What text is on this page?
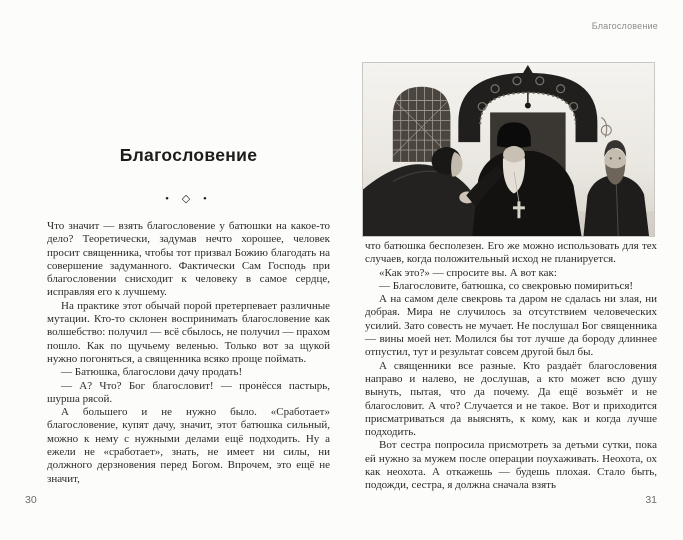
Благословение
• ◇ •

Что значит — взять благословение у батюшки на какое-то дело? Теоретически, задумав нечто хорошее, человек просит священника, чтобы тот призвал Божию благодать на совершение задуманного. Фактически Сам Господь при благословении снисходит к человеку в самое сердце, исправляя его к лучшему.

На практике этот обычай порой претерпевает различные мутации. Кто-то склонен воспринимать благословение как волшебство: получил — всё сбылось, не получил — прахом пошло. Как по щучьему веленью. Только вот за щукой нужно погоняться, а священника всяко проще поймать.

— Батюшка, благослови дачу продать!

— А? Что? Бог благословит! — пронёсся пастырь, шурша рясой.

А большего и не нужно было. «Сработает» благословение, купят дачу, значит, этот батюшка сильный, можно к нему с нужными делами ещё подходить. Ну а ежели не «сработает», знать, не имеет ни силы, ни должного дерзновения перед Богом. Впрочем, это ещё не значит,

30
Благословение

что батюшка бесполезен. Его же можно использовать для тех случаев, когда положительный исход не планируется.

«Как это?» — спросите вы. А вот как:

— Благословите, батюшка, со свекровью помириться!

А на самом деле свекровь та даром не сдалась ни злая, ни добрая. Мира не случилось за отсутствием человеческих усилий. Зато совесть не мучает. Не послушал Бог священника — вины моей нет. Молился бы тот лучше да бороду длиннее отпустил, тут и результат совсем другой был бы.

А священники все разные. Кто раздаёт благословения направо и налево, не дослушав, а кто может всю душу вынуть, пытая, что да почему. Да ещё возьмёт и не благословит. А что? Случается и не такое. Вот и приходится присматриваться да выяснять, к кому, как и когда лучше подходить.

Вот сестра попросила присмотреть за детьми сутки, пока ей нужно за мужем после операции поухаживать. Неохота, ох как неохота. А откажешь — будешь плохая. Стало быть, подожди, сестра, я должна сначала взять

31
